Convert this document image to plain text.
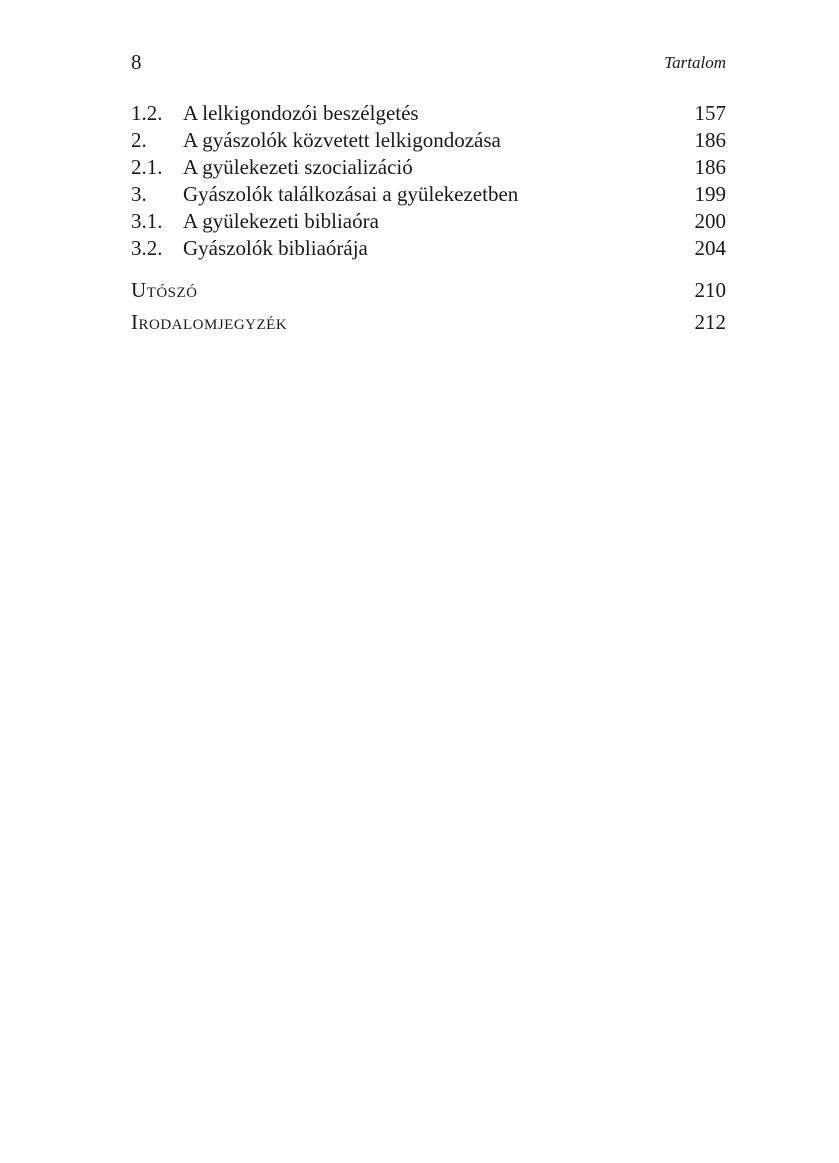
8	Tartalom
1.2. A lelkigondozói beszélgetés	157
2. A gyászolók közvetett lelkigondozása	186
2.1. A gyülekezeti szocializáció	186
3. Gyászolók találkozásai a gyülekezetben	199
3.1. A gyülekezeti bibliaóra	200
3.2. Gyászolók bibliaórája	204
Utószó	210
Irodalomjegyzék	212
